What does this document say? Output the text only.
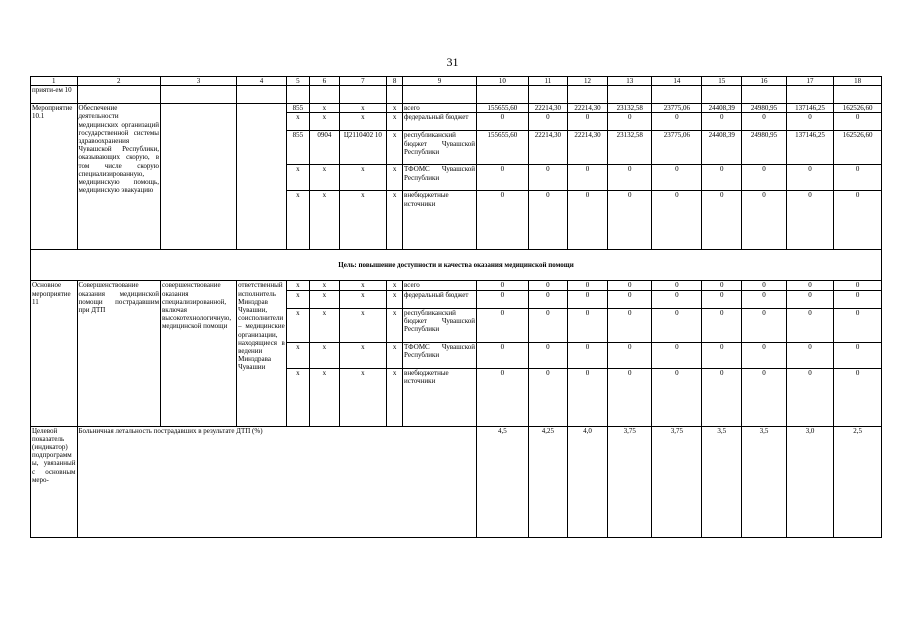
31
1	2	3	4	5	6	7	8	9	10	11	12	13	14	15	16	17	18
прияти-ем 10																	
Мероприятие 10.1	Обеспечение деятельности медицинских организаций государственной системы здравоохранения Чувашской Республики, оказывающих скорую, в том числе скорую специализированную, медицинскую помощь, медицинскую эвакуацию			855	x	x	x	всего	155655,60	22214,30	22214,30	23132,58	23775,06	24408,39	24980,95	137146,25	162526,60
				x	x	x	x	федеральный бюджет	0	0	0	0	0	0	0	0	0
				855	0904	Ц2110402 10	x	республиканский бюджет Чувашской Республики	155655,60	22214,30	22214,30	23132,58	23775,06	24408,39	24980,95	137146,25	162526,60
				x	x	x	x	ТФОМС Чувашской Республики	0	0	0	0	0	0	0	0	0
				x	x	x	x	внебюджетные источники	0	0	0	0	0	0	0	0	0
Цель: повышение доступности и качества оказания медицинской помощи																	
Основное мероприятие 11	Совершенствование оказания медицинской помощи пострадавшим при ДТП	совершенствование оказания специализированной, включая высокотехнологичную, медицинской помощи	ответственный исполнитель Минздрав Чувашии, соисполнители – медицинские организации, находящиеся в ведении Минздрава Чувашии	x	x	x	x	всего	0	0	0	0	0	0	0	0	0
				x	x	x	x	федеральный бюджет	0	0	0	0	0	0	0	0	0
				x	x	x	x	республиканский бюджет Чувашской Республики	0	0	0	0	0	0	0	0	0
				x	x	x	x	ТФОМС Чувашской Республики	0	0	0	0	0	0	0	0	0
				x	x	x	x	внебюджетные источники	0	0	0	0	0	0	0	0	0
Целевой показатель (индикатор) подпрограммы, увязанный с основным меро-	Больничная летальность пострадавших в результате ДТП (%)								4,5	4,25	4,0	3,75	3,75	3,5	3,5	3,0	2,5
